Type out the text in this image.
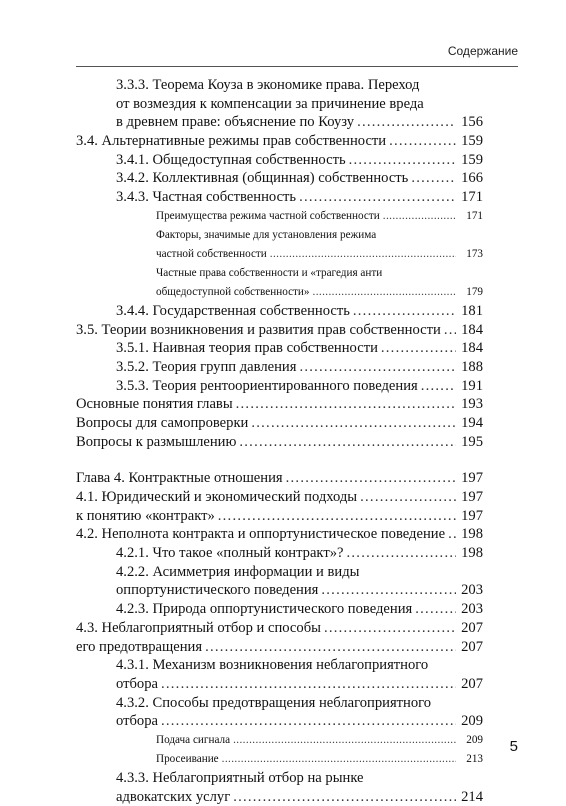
Содержание
3.3.3. Теорема Коуза в экономике права. Переход
от возмездия к компенсации за причинение вреда
в древнем праве: объяснение по Коузу . . .	156
3.4. Альтернативные режимы прав собственности . . .	159
3.4.1. Общедоступная собственность . . .	159
3.4.2. Коллективная (общинная) собственность . . .	166
3.4.3. Частная собственность . . .	171
Преимущества режима частной собственности . . .	171
Факторы, значимые для установления режима
частной собственности . . .	173
Частные права собственности и «трагедия анти
общедоступной собственности» . . .	179
3.4.4. Государственная собственность . . .	181
3.5. Теории возникновения и развития прав собственности . . . 184
3.5.1. Наивная теория прав собственности . . .	184
3.5.2. Теория групп давления . . .	188
3.5.3. Теория рентоориентированного поведения . . .	191
Основные понятия главы . . .	193
Вопросы для самопроверки . . .	194
Вопросы к размышлению . . .	195
Глава 4. Контрактные отношения . . .	197
4.1. Юридический и экономический подходы . . .	197
к понятию «контракт» . . .	197
4.2. Неполнота контракта и оппортунистическое поведение . . . 198
4.2.1. Что такое «полный контракт»? . . .	198
4.2.2. Асимметрия информации и виды
оппортунистического поведения . . .	203
4.2.3. Природа оппортунистического поведения . . .	203
4.3. Неблагоприятный отбор и способы . . .	207
его предотвращения . . .	207
4.3.1. Механизм возникновения неблагоприятного
отбора . . .	207
4.3.2. Способы предотвращения неблагоприятного
отбора . . .	209
Подача сигнала . . .	209
Просеивание . . .	213
4.3.3. Неблагоприятный отбор на рынке
адвокатских услуг . . .	214
5
